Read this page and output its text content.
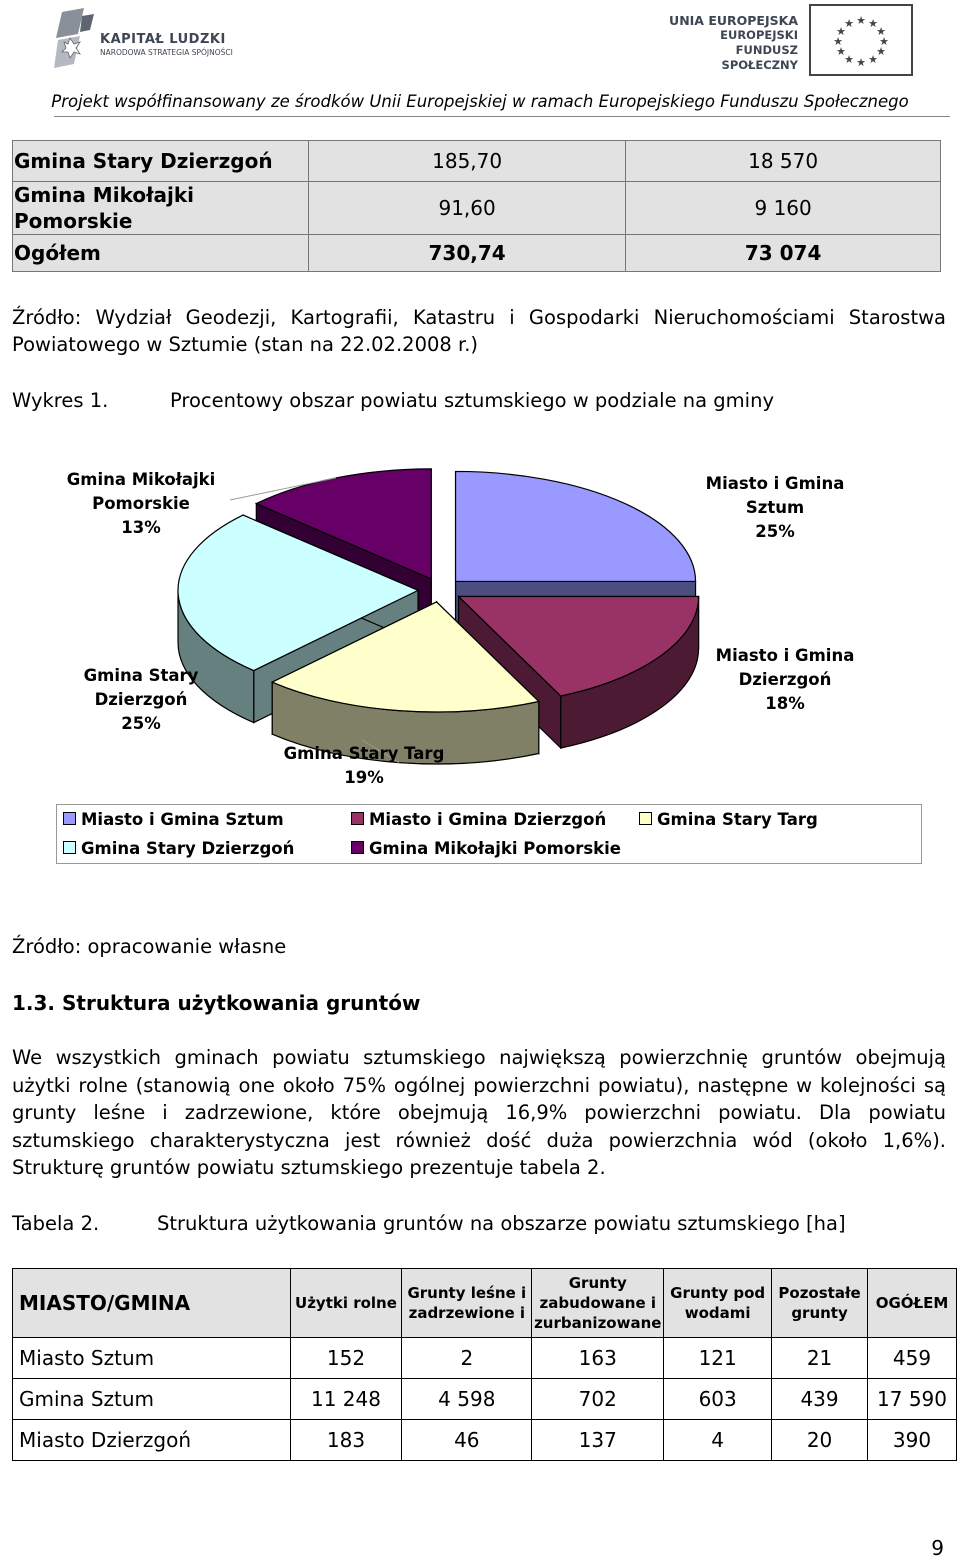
KAPITAŁ LUDZKI
NARODOWA STRATEGIA SPÓJNOŚCI
UNIA EUROPEJSKA
EUROPEJSKI
FUNDUSZ SPOŁECZNY
★ ★
★
★
★
★
★
★
★
★
★
★
Projekt współfinansowany ze środków Unii Europejskiej w ramach Europejskiego Funduszu Społecznego
Gmina Stary Dzierzgoń	185,70	18 570
Gmina Mikołajki Pomorskie	91,60	9 160
Ogółem	730,74	73 074
Źródło: Wydział Geodezji, Kartografii, Katastru i Gospodarki Nieruchomościami Starostwa Powiatowego w Sztumie (stan na 22.02.2008 r.)
Wykres 1.	Procentowy obszar powiatu sztumskiego w podziale na gminy
Gmina Mikołajki
Pomorskie
13%
Miasto i Gmina
Sztum
25%
Gmina Stary
Dzierzgoń
25%
Gmina Stary Targ
19%
Miasto i Gmina
Dzierzgoń
18%
Miasto i Gmina Sztum	Miasto i Gmina Dzierzgoń	Gmina Stary Targ
Gmina Stary Dzierzgoń	Gmina Mikołajki Pomorskie
Źródło: opracowanie własne
1.3. Struktura użytkowania gruntów
We wszystkich gminach powiatu sztumskiego największą powierzchnię gruntów obejmują użytki rolne (stanowią one około 75% ogólnej powierzchni powiatu), następne w kolejności są grunty leśne i zadrzewione, które obejmują 16,9% powierzchni powiatu. Dla powiatu sztumskiego charakterystyczna jest również dość duża powierzchnia wód (około 1,6%). Strukturę gruntów powiatu sztumskiego prezentuje tabela 2.
Tabela 2.	Struktura użytkowania gruntów na obszarze powiatu sztumskiego [ha]
MIASTO/GMINA	Użytki rolne	Grunty leśne i zadrzewione i	Grunty zabudowane i zurbanizowane	Grunty pod wodami	Pozostałe grunty	OGÓŁEM
Miasto Sztum	152	2	163	121	21	459
Gmina Sztum	11 248	4 598	702	603	439	17 590
Miasto Dzierzgoń	183	46	137	4	20	390
9
